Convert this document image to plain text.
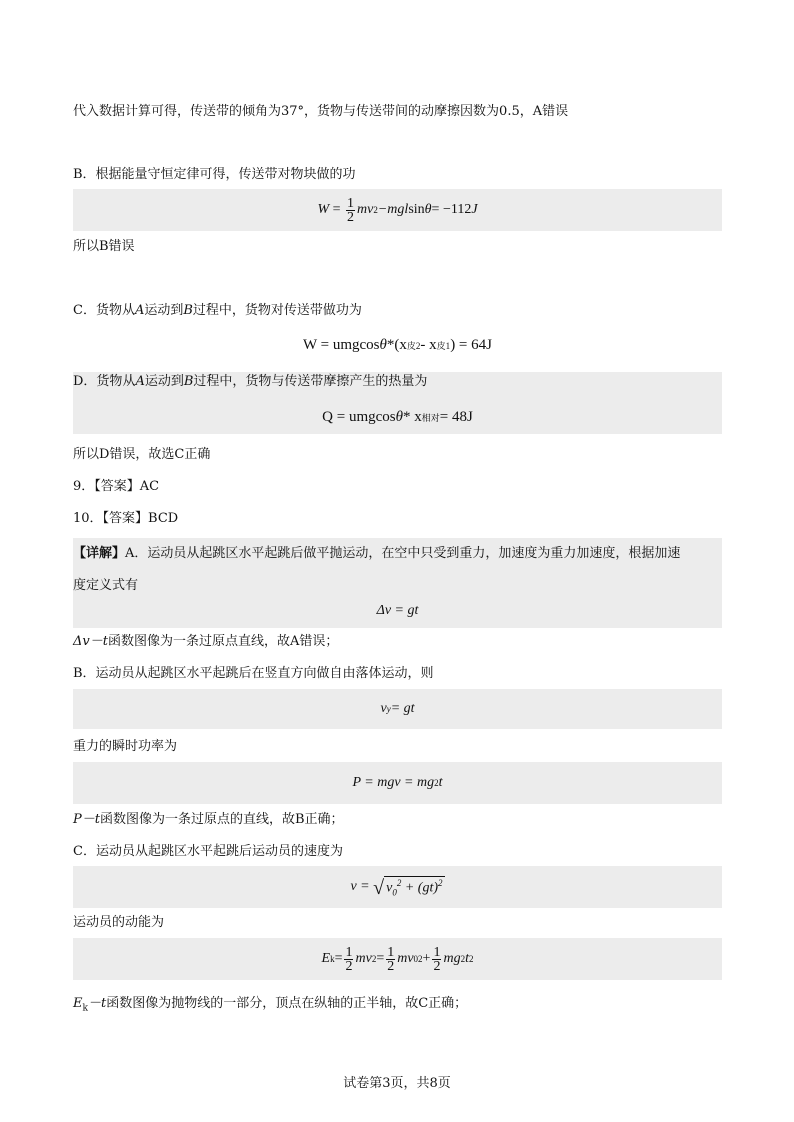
代入数据计算可得，传送带的倾角为37°，货物与传送带间的动摩擦因数为0.5，A错误
B．根据能量守恒定律可得，传送带对物块做的功
$W = \frac{1}{2}$ mv 2 −mgl sin θ = −112 J
所以B错误
C．货物从A运动到B过程中，货物对传送带做功为
W = umgcos θ *(x 皮2 - x 皮1 ) = 64J
D．货物从A运动到B过程中，货物与传送带摩擦产生的热量为
Q = umgcos θ * x 相对 = 48J
所以D错误，故选C正确
9．【答案】AC
10．【答案】BCD
【详解】A．运动员从起跳区水平起跳后做平抛运动，在空中只受到重力，加速度为重力加速度，根据加速
度定义式有
Δv = gt
Δv－t函数图像为一条过原点直线，故A错误；
B．运动员从起跳区水平起跳后在竖直方向做自由落体运动，则
v y = gt
重力的瞬时功率为
P = mgv = mg 2 t
P－t函数图像为一条过原点的直线，故B正确；
C．运动员从起跳区水平起跳后运动员的速度为
v =
√ $v_0^2 + (gt)^2$
运动员的动能为
E $k = \frac{1}{2}$ mv $2 = \frac{1}{2}$ mv 0 $2 + \frac{1}{2}$ mg 2 t 2
$E_k-t$函数图像为抛物线的一部分，顶点在纵轴的正半轴，故C正确；
试卷第3页，共8页
